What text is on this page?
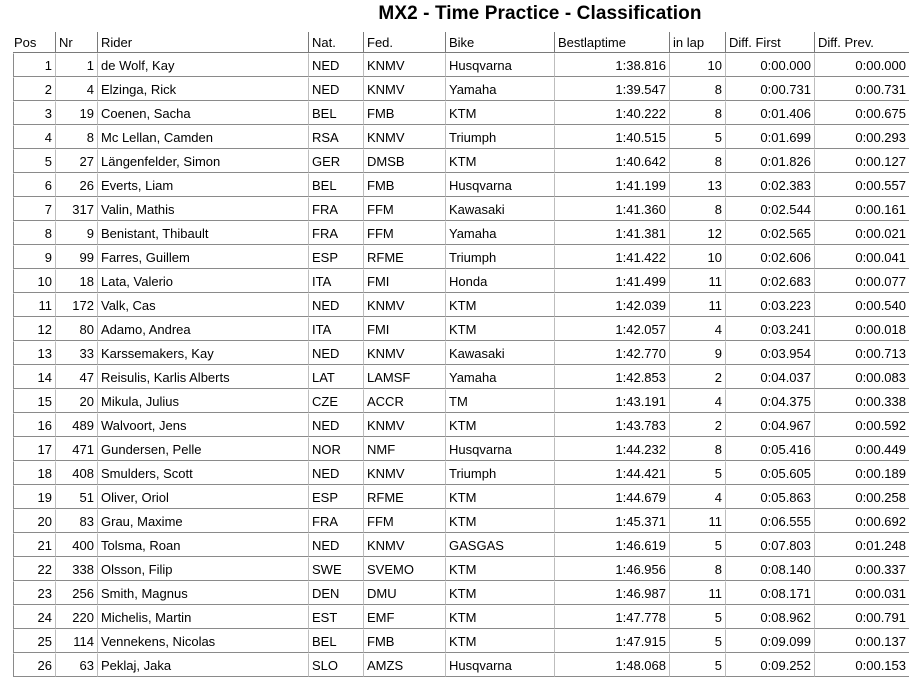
MX2 - Time Practice - Classification
Pos	Nr	Rider	Nat.	Fed.	Bike	Bestlaptime	in lap	Diff. First	Diff. Prev.
1	1	de Wolf, Kay	NED	KNMV	Husqvarna	1:38.816	10	0:00.000	0:00.000
2	4	Elzinga, Rick	NED	KNMV	Yamaha	1:39.547	8	0:00.731	0:00.731
3	19	Coenen, Sacha	BEL	FMB	KTM	1:40.222	8	0:01.406	0:00.675
4	8	Mc Lellan, Camden	RSA	KNMV	Triumph	1:40.515	5	0:01.699	0:00.293
5	27	Längenfelder, Simon	GER	DMSB	KTM	1:40.642	8	0:01.826	0:00.127
6	26	Everts, Liam	BEL	FMB	Husqvarna	1:41.199	13	0:02.383	0:00.557
7	317	Valin, Mathis	FRA	FFM	Kawasaki	1:41.360	8	0:02.544	0:00.161
8	9	Benistant, Thibault	FRA	FFM	Yamaha	1:41.381	12	0:02.565	0:00.021
9	99	Farres, Guillem	ESP	RFME	Triumph	1:41.422	10	0:02.606	0:00.041
10	18	Lata, Valerio	ITA	FMI	Honda	1:41.499	11	0:02.683	0:00.077
11	172	Valk, Cas	NED	KNMV	KTM	1:42.039	11	0:03.223	0:00.540
12	80	Adamo, Andrea	ITA	FMI	KTM	1:42.057	4	0:03.241	0:00.018
13	33	Karssemakers, Kay	NED	KNMV	Kawasaki	1:42.770	9	0:03.954	0:00.713
14	47	Reisulis, Karlis Alberts	LAT	LAMSF	Yamaha	1:42.853	2	0:04.037	0:00.083
15	20	Mikula, Julius	CZE	ACCR	TM	1:43.191	4	0:04.375	0:00.338
16	489	Walvoort, Jens	NED	KNMV	KTM	1:43.783	2	0:04.967	0:00.592
17	471	Gundersen, Pelle	NOR	NMF	Husqvarna	1:44.232	8	0:05.416	0:00.449
18	408	Smulders, Scott	NED	KNMV	Triumph	1:44.421	5	0:05.605	0:00.189
19	51	Oliver, Oriol	ESP	RFME	KTM	1:44.679	4	0:05.863	0:00.258
20	83	Grau, Maxime	FRA	FFM	KTM	1:45.371	11	0:06.555	0:00.692
21	400	Tolsma, Roan	NED	KNMV	GASGAS	1:46.619	5	0:07.803	0:01.248
22	338	Olsson, Filip	SWE	SVEMO	KTM	1:46.956	8	0:08.140	0:00.337
23	256	Smith, Magnus	DEN	DMU	KTM	1:46.987	11	0:08.171	0:00.031
24	220	Michelis, Martin	EST	EMF	KTM	1:47.778	5	0:08.962	0:00.791
25	114	Vennekens, Nicolas	BEL	FMB	KTM	1:47.915	5	0:09.099	0:00.137
26	63	Peklaj, Jaka	SLO	AMZS	Husqvarna	1:48.068	5	0:09.252	0:00.153
